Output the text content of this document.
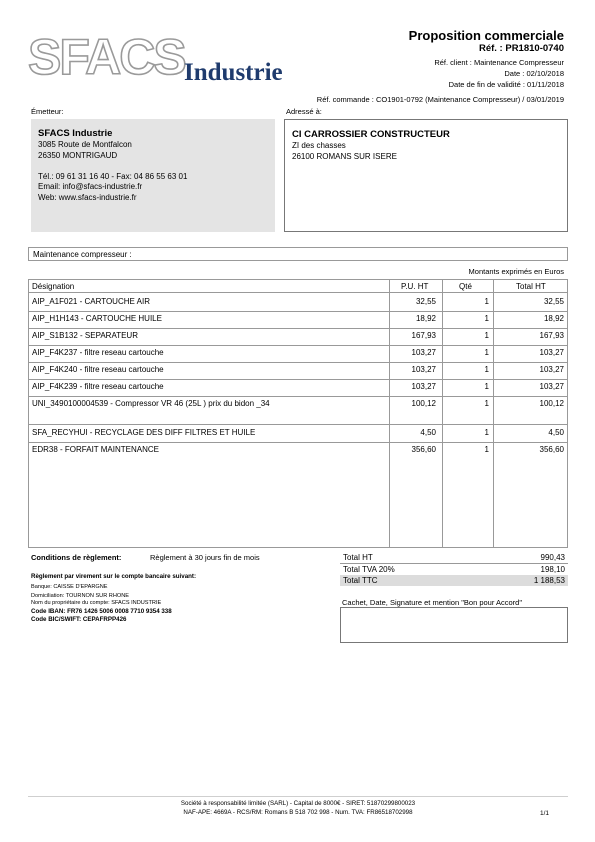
SFACS Industrie
Proposition commerciale
Réf. : PR1810-0740
Réf. client : Maintenance Compresseur
Date : 02/10/2018
Date de fin de validité : 01/11/2018
Réf. commande : CO1901-0792 (Maintenance Compresseur) / 03/01/2019
Émetteur:	Adressé à:
SFACS Industrie
3085 Route de Montfalcon
26350 MONTRIGAUD
Tél.: 09 61 31 16 40 - Fax: 04 86 55 63 01
Email: info@sfacs-industrie.fr
Web: www.sfacs-industrie.fr
CI CARROSSIER CONSTRUCTEUR
ZI des chasses
26100 ROMANS SUR ISERE
Maintenance compresseur :
Montants exprimés en Euros
Désignation	P.U. HT	Qté	Total HT
AIP_A1F021 - CARTOUCHE AIR	32,55	1	32,55
AIP_H1H143 - CARTOUCHE HUILE	18,92	1	18,92
AIP_S1B132 - SEPARATEUR	167,93	1	167,93
AIP_F4K237 - filtre reseau cartouche	103,27	1	103,27
AIP_F4K240 - filtre reseau cartouche	103,27	1	103,27
AIP_F4K239 - filtre reseau cartouche	103,27	1	103,27
UNI_3490100004539 - Compressor VR 46 (25L ) prix du bidon _34	100,12	1	100,12
SFA_RECYHUI - RECYCLAGE DES DIFF FILTRES ET HUILE	4,50	1	4,50
EDR38 - FORFAIT MAINTENANCE	356,60	1	356,60
Conditions de règlement:	Règlement à 30 jours fin de mois
Règlement par virement sur le compte bancaire suivant:
Banque: CAISSE D'EPARGNE
Domiciliation: TOURNON SUR RHONE
Nom du propriétaire du compte: SFACS INDUSTRIE
Code IBAN: FR76 1426 5006 0008 7710 9354 338
Code BIC/SWIFT: CEPAFRPP426
Total HT	990,43
Total TVA 20%	198,10
Total TTC	1 188,53
Cachet, Date, Signature et mention "Bon pour Accord"
Société à responsabilité limitée (SARL) - Capital de 8000€ - SIRET: 51870299800023
NAF-APE: 4669A - RCS/RM: Romans B 518 702 998 - Num. TVA: FR86518702998	1/1
